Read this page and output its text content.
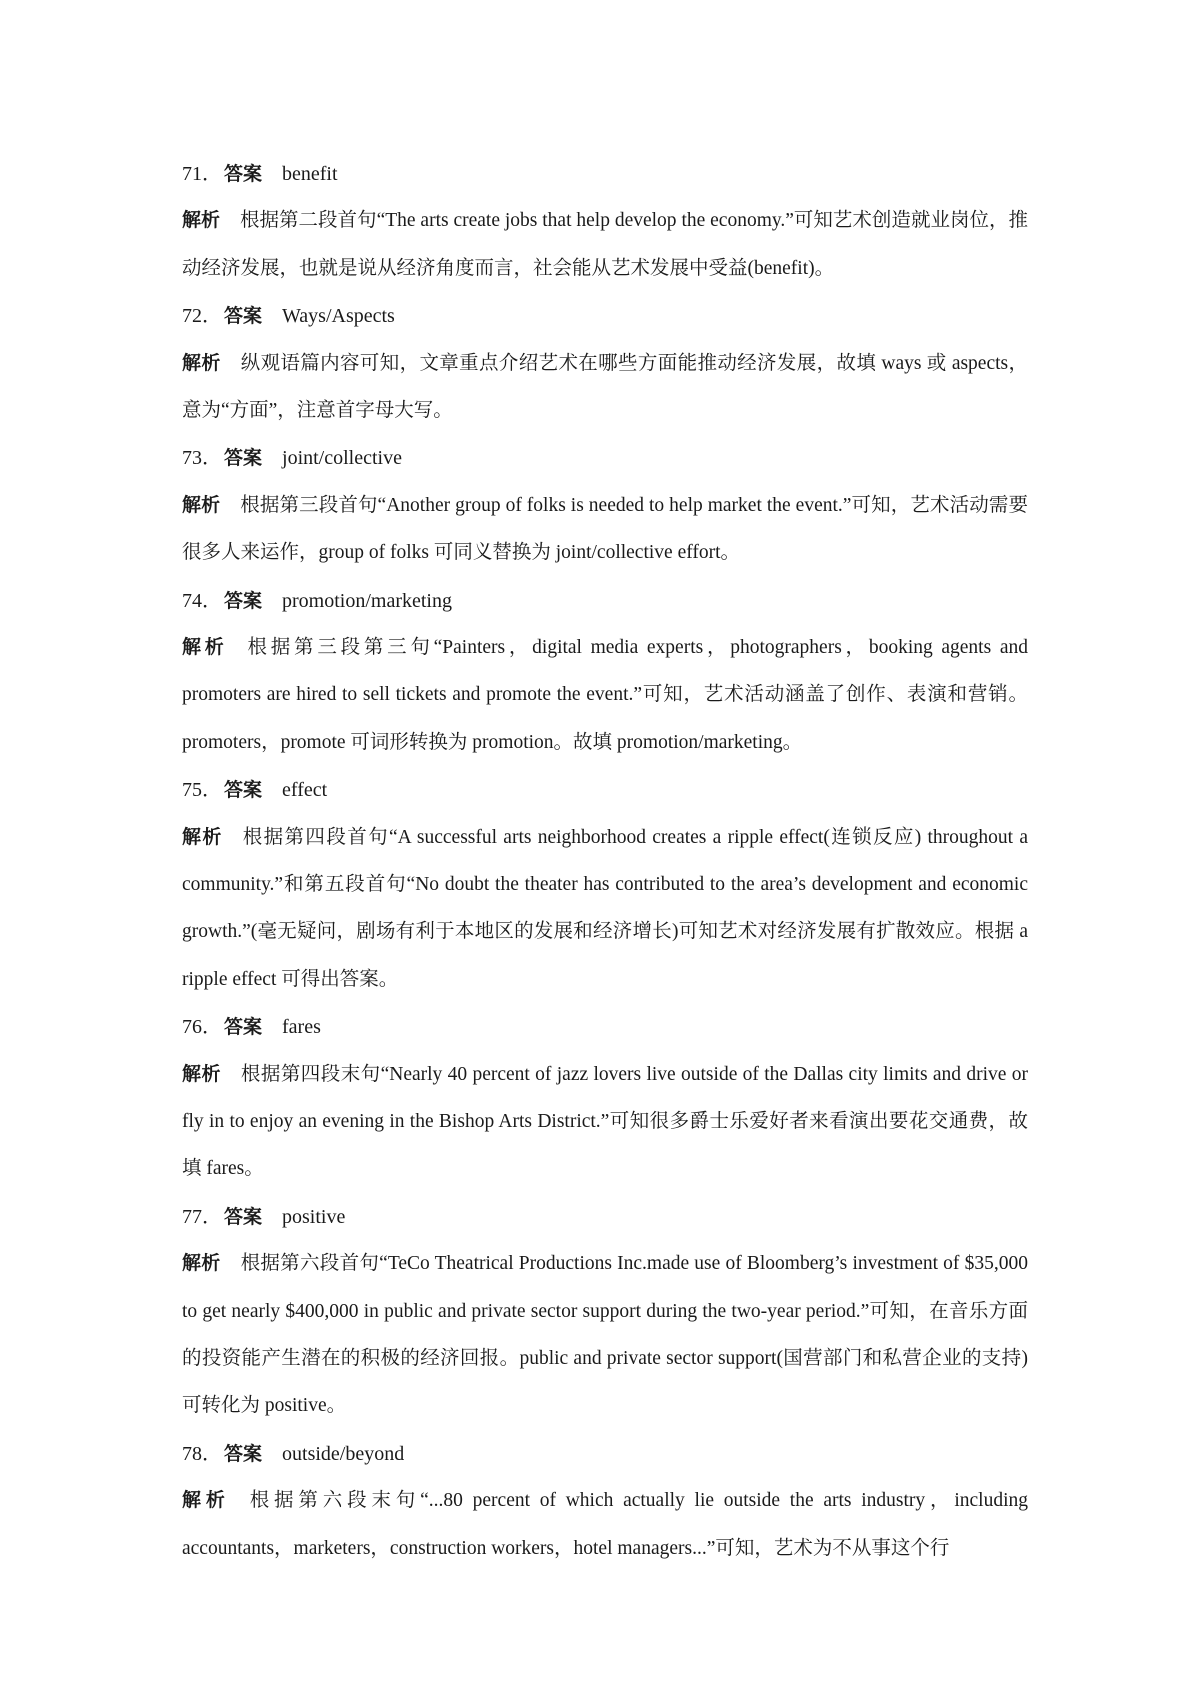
71． 答案 benefit

解析 根据第二段首句“The arts create jobs that help develop the economy.”可知艺术创造就业岗位，推动经济发展，也就是说从经济角度而言，社会能从艺术发展中受益(benefit)。

72． 答案 Ways/Aspects

解析 纵观语篇内容可知，文章重点介绍艺术在哪些方面能推动经济发展，故填 ways 或 aspects，意为“方面”，注意首字母大写。

73． 答案 joint/collective

解析 根据第三段首句“Another group of folks is needed to help market the event.”可知，艺术活动需要很多人来运作，group of folks 可同义替换为 joint/collective effort。

74． 答案 promotion/marketing

解析 根据第三段第三句“Painters，digital media experts，photographers，booking agents and promoters are hired to sell tickets and promote the event.”可知，艺术活动涵盖了创作、表演和营销。promoters，promote 可词形转换为 promotion。故填 promotion/marketing。

75． 答案 effect

解析 根据第四段首句“A successful arts neighborhood creates a ripple effect(连锁反应) throughout a community.”和第五段首句“No doubt the theater has contributed to the area’s development and economic growth.”(毫无疑问，剧场有利于本地区的发展和经济增长)可知艺术对经济发展有扩散效应。根据 a ripple effect 可得出答案。

76． 答案 fares

解析 根据第四段末句“Nearly 40 percent of jazz lovers live outside of the Dallas city limits and drive or fly in to enjoy an evening in the Bishop Arts District.”可知很多爵士乐爱好者来看演出要花交通费，故填 fares。

77． 答案 positive

解析 根据第六段首句“TeCo Theatrical Productions Inc.made use of Bloomberg’s investment of $35,000 to get nearly $400,000 in public and private sector support during the two-year period.”可知，在音乐方面的投资能产生潜在的积极的经济回报。public and private sector support(国营部门和私营企业的支持)可转化为 positive。

78． 答案 outside/beyond

解析 根据第六段末句“...80 percent of which actually lie outside the arts industry，including accountants，marketers，construction workers，hotel managers...”可知，艺术为不从事这个行
